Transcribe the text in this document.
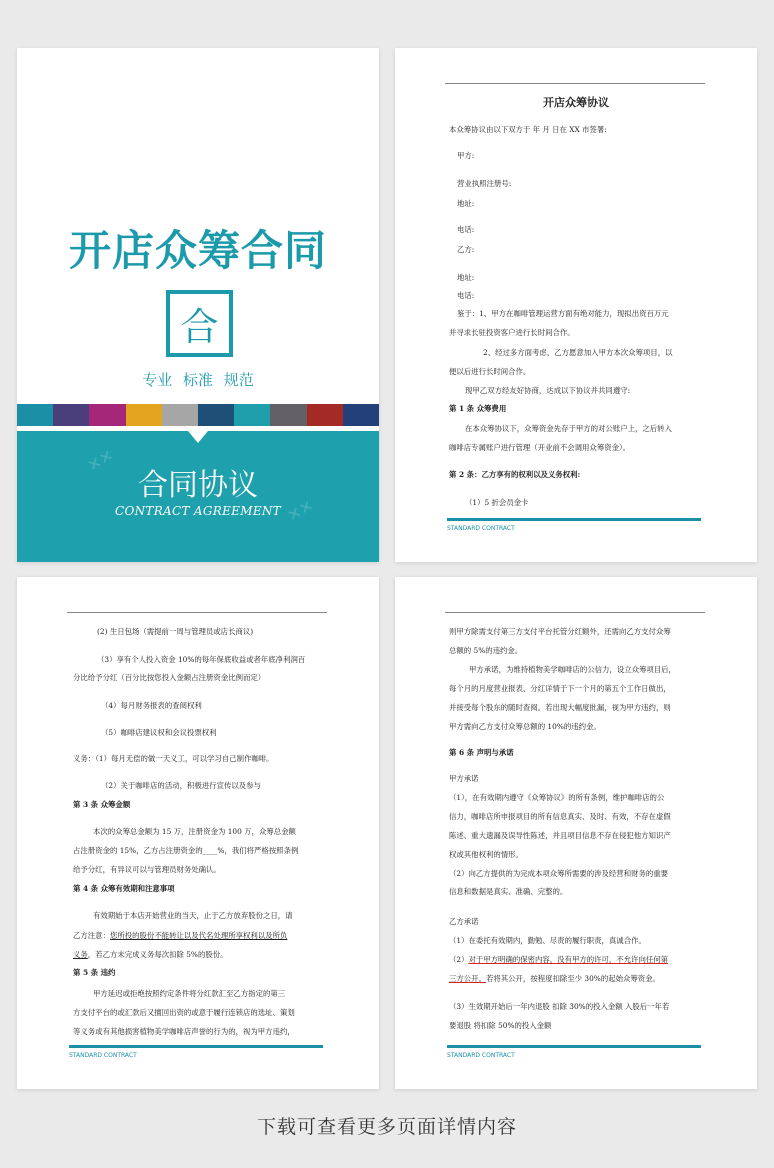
开店众筹合同
合
专业 标准 规范
✕✕
✕✕
合同协议
CONTRACT AGREEMENT
开店众筹协议
本众筹协议由以下双方于 年 月 日在 XX 市签署:
甲方:
营业执照注册号:
地址:
电话:
乙方:
地址:
电话:
鉴于：1、甲方在咖啡管理运营方面有绝对能力，现拟出资百万元
并寻求长驻投资客户进行长时间合作。
2、经过多方面考虑，乙方愿意加入甲方本次众筹项目，以
便以后进行长时间合作。
现甲乙双方经友好协商，达成以下协议并共同遵守:
第 1 条 众筹费用
在本众筹协议下，众筹资金先存于甲方的对公账户上，之后转入
咖啡店专属账户进行管理（开业前不会调用众筹资金）。
第 2 条：乙方享有的权利以及义务权利:
（1）5 折会员金卡
STANDARD CONTRACT
(2) 生日包场（需提前一周与管理员或店长商议)
（3）享有个人投入资金 10%的每年保底收益或者年底净利润百
分比给予分红（百分比按您投入金额占注册资金比例而定）
（4）每月财务报表的查阅权利
（5）咖啡店建议权和会议投票权利
义务：（1）每月无偿的做一天义工，可以学习自己制作咖啡。
（2）关于咖啡店的活动，积极进行宣传以及参与
第 3 条 众筹金额
本次的众筹总金额为 15 万，注册资金为 100 万，众筹总金额
占注册资金的 15%，乙方占注册资金的____%，我们将严格按照条例
给予分红，有异议可以与管理员财务处确认。
第 4 条 众筹有效期和注意事项
有效期始于本店开始营业的当天，止于乙方放弃股份之日，请
乙方注意：您所投的股份不能转让以及代名处理所享权利以及所负
义务，若乙方未完成义务每次扣除 5%的股份。
第 5 条 违约
甲方延迟或拒绝按照约定条件将分红款汇至乙方指定的第三
方支付平台的或汇款后又擅回出资的或意于履行连锁店的选址、策划
等义务或有其他损害植物美学咖啡店声誉的行为的，视为甲方违约，
STANDARD CONTRACT
则甲方除需支付第三方支付平台托管分红额外，还需向乙方支付众筹
总额的 5%的违约金。
甲方承诺，为维持植物美学咖啡店的公信力，设立众筹项目后，
每个月的月度营业报表、分红详情于下一个月的第五个工作日做出，
并接受每个股东的随时查阅。若出现大幅度批漏，视为甲方违约，则
甲方需向乙方支付众筹总额的 10%的违约金。
第 6 条 声明与承诺
甲方承诺
（1），在有效期内遵守《众筹协议》的所有条例，维护咖啡店的公
信力，咖啡店所申报项目的所有信息真实、及时、有效，不存在虚假
陈述、重大遗漏及误导性陈述，并且项目信息不存在侵犯他方知识产
权或其他权利的情形。
（2）向乙方提供的为完成本项众筹所需要的涉及经营和财务的重要
信息和数据是真实、准确、完整的。
乙方承诺
（1）在委托有效期内，勤勉、尽责的履行职责，真诚合作。
（2）对于甲方明确的保密内容，没有甲方的许可，不允许向任何第
三方公开。若将其公开，按程度扣除至少 30%的起始众筹资金。
（3）生效期开始后一年内退股 扣除 30%的投入金额 入股后一年若
要退股 将扣除 50%的投入金额
STANDARD CONTRACT
下载可查看更多页面详情内容
